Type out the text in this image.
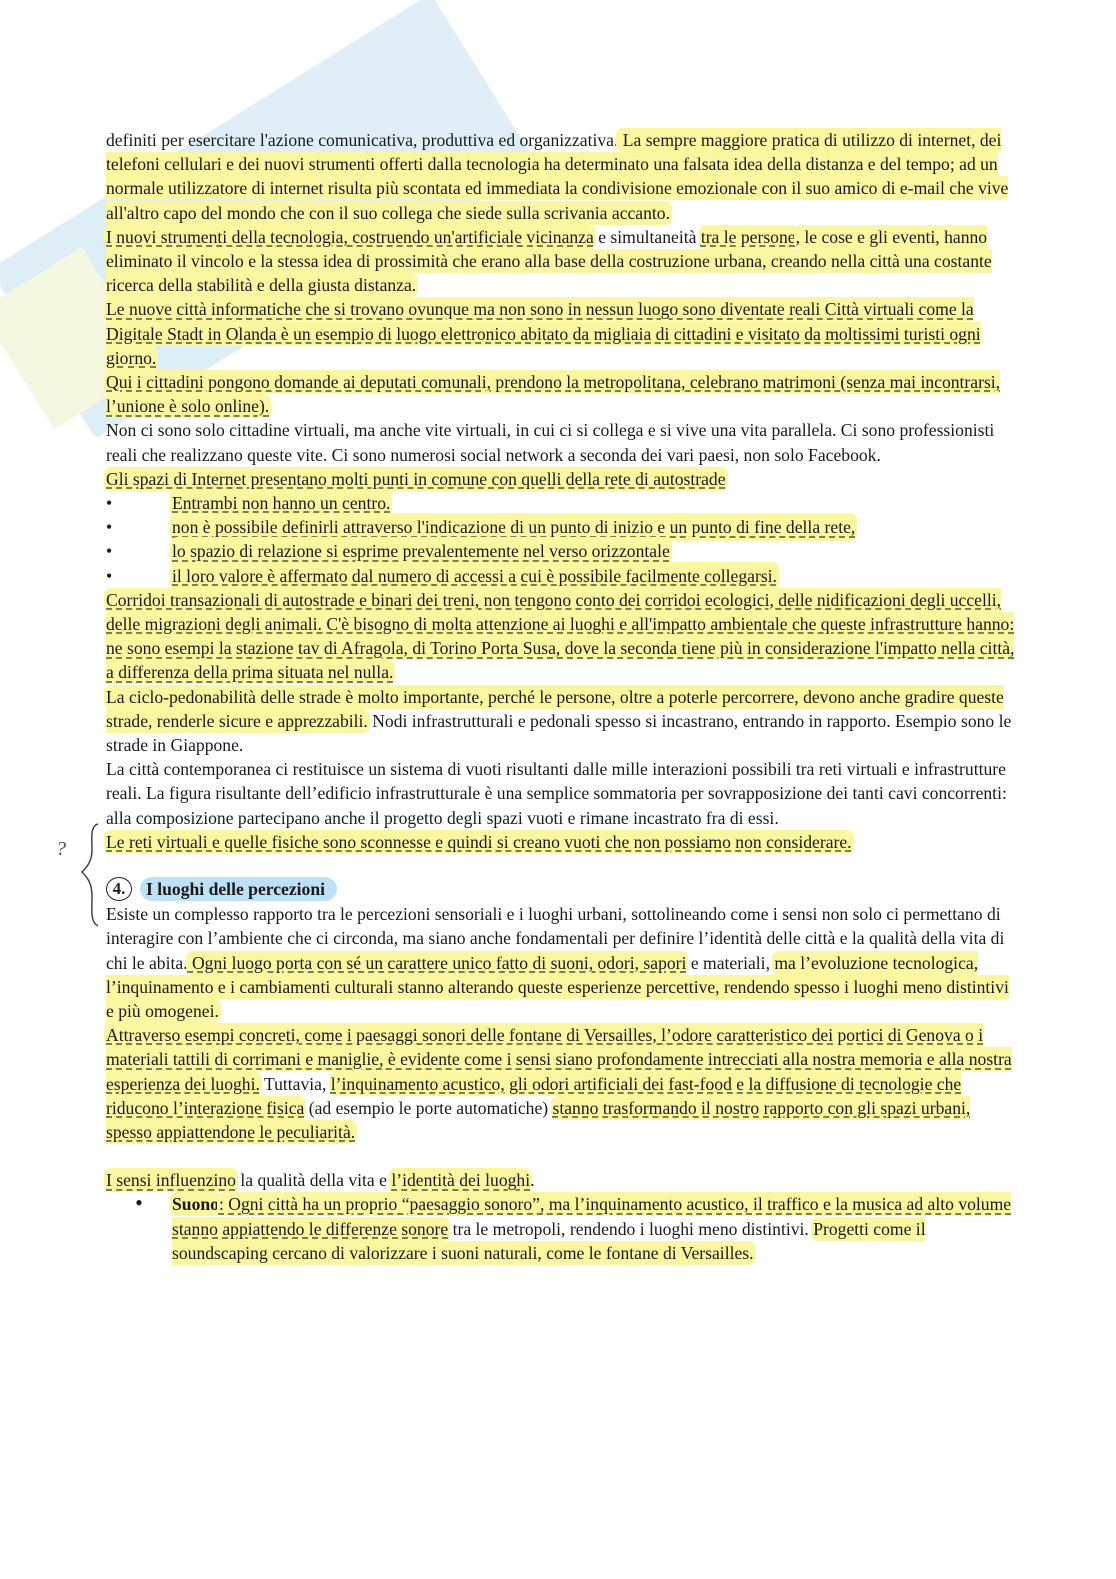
?

definiti per esercitare l'azione comunicativa, produttiva ed organizzativa. La sempre maggiore pratica di utilizzo di internet, dei telefoni cellulari e dei nuovi strumenti offerti dalla tecnologia ha determinato una falsata idea della distanza e del tempo; ad un normale utilizzatore di internet risulta più scontata ed immediata la condivisione emozionale con il suo amico di e-mail che vive all'altro capo del mondo che con il suo collega che siede sulla scrivania accanto.

I nuovi strumenti della tecnologia, costruendo un'artificiale vicinanza e simultaneità tra le persone, le cose e gli eventi, hanno eliminato il vincolo e la stessa idea di prossimità che erano alla base della costruzione urbana, creando nella città una costante ricerca della stabilità e della giusta distanza.

Le nuove città informatiche che si trovano ovunque ma non sono in nessun luogo sono diventate reali Città virtuali come la Digitale Stadt in Olanda è un esempio di luogo elettronico abitato da migliaia di cittadini e visitato da moltissimi turisti ogni giorno.

Qui i cittadini pongono domande ai deputati comunali, prendono la metropolitana, celebrano matrimoni (senza mai incontrarsi, l’unione è solo online).

Non ci sono solo cittadine virtuali, ma anche vite virtuali, in cui ci si collega e si vive una vita parallela. Ci sono professionisti reali che realizzano queste vite. Ci sono numerosi social network a seconda dei vari paesi, non solo Facebook.

Gli spazi di Internet presentano molti punti in comune con quelli della rete di autostrade

•	Entrambi non hanno un centro.
•	non è possibile definirli attraverso l'indicazione di un punto di inizio e un punto di fine della rete,
•	lo spazio di relazione si esprime prevalentemente nel verso orizzontale
•	il loro valore è affermato dal numero di accessi a cui è possibile facilmente collegarsi.

Corridoi transazionali di autostrade e binari dei treni, non tengono conto dei corridoi ecologici, delle nidificazioni degli uccelli, delle migrazioni degli animali. C'è bisogno di molta attenzione ai luoghi e all'impatto ambientale che queste infrastrutture hanno: ne sono esempi la stazione tav di Afragola, di Torino Porta Susa, dove la seconda tiene più in considerazione l'impatto nella città, a differenza della prima situata nel nulla.

La ciclo-pedonabilità delle strade è molto importante, perché le persone, oltre a poterle percorrere, devono anche gradire queste strade, renderle sicure e apprezzabili. Nodi infrastrutturali e pedonali spesso si incastrano, entrando in rapporto. Esempio sono le strade in Giappone.

La città contemporanea ci restituisce un sistema di vuoti risultanti dalle mille interazioni possibili tra reti virtuali e infrastrutture reali. La figura risultante dell’edificio infrastrutturale è una semplice sommatoria per sovrapposizione dei tanti cavi concorrenti: alla composizione partecipano anche il progetto degli spazi vuoti e rimane incastrato fra di essi.

Le reti virtuali e quelle fisiche sono sconnesse e quindi si creano vuoti che non possiamo non considerare.

4.	I luoghi delle percezioni

Esiste un complesso rapporto tra le percezioni sensoriali e i luoghi urbani, sottolineando come i sensi non solo ci permettano di interagire con l’ambiente che ci circonda, ma siano anche fondamentali per definire l’identità delle città e la qualità della vita di chi le abita. Ogni luogo porta con sé un carattere unico fatto di suoni, odori, sapori e materiali, ma l’evoluzione tecnologica, l’inquinamento e i cambiamenti culturali stanno alterando queste esperienze percettive, rendendo spesso i luoghi meno distintivi e più omogenei.

Attraverso esempi concreti, come i paesaggi sonori delle fontane di Versailles, l’odore caratteristico dei portici di Genova o i materiali tattili di corrimani e maniglie, è evidente come i sensi siano profondamente intrecciati alla nostra memoria e alla nostra esperienza dei luoghi. Tuttavia, l’inquinamento acustico, gli odori artificiali dei fast-food e la diffusione di tecnologie che riducono l’interazione fisica (ad esempio le porte automatiche) stanno trasformando il nostro rapporto con gli spazi urbani, spesso appiattendone le peculiarità.

I sensi influenzino la qualità della vita e l’identità dei luoghi.

•	Suono: Ogni città ha un proprio “paesaggio sonoro”, ma l’inquinamento acustico, il traffico e la musica ad alto volume stanno appiattendo le differenze sonore tra le metropoli, rendendo i luoghi meno distintivi. Progetti come il soundscaping cercano di valorizzare i suoni naturali, come le fontane di Versailles.
